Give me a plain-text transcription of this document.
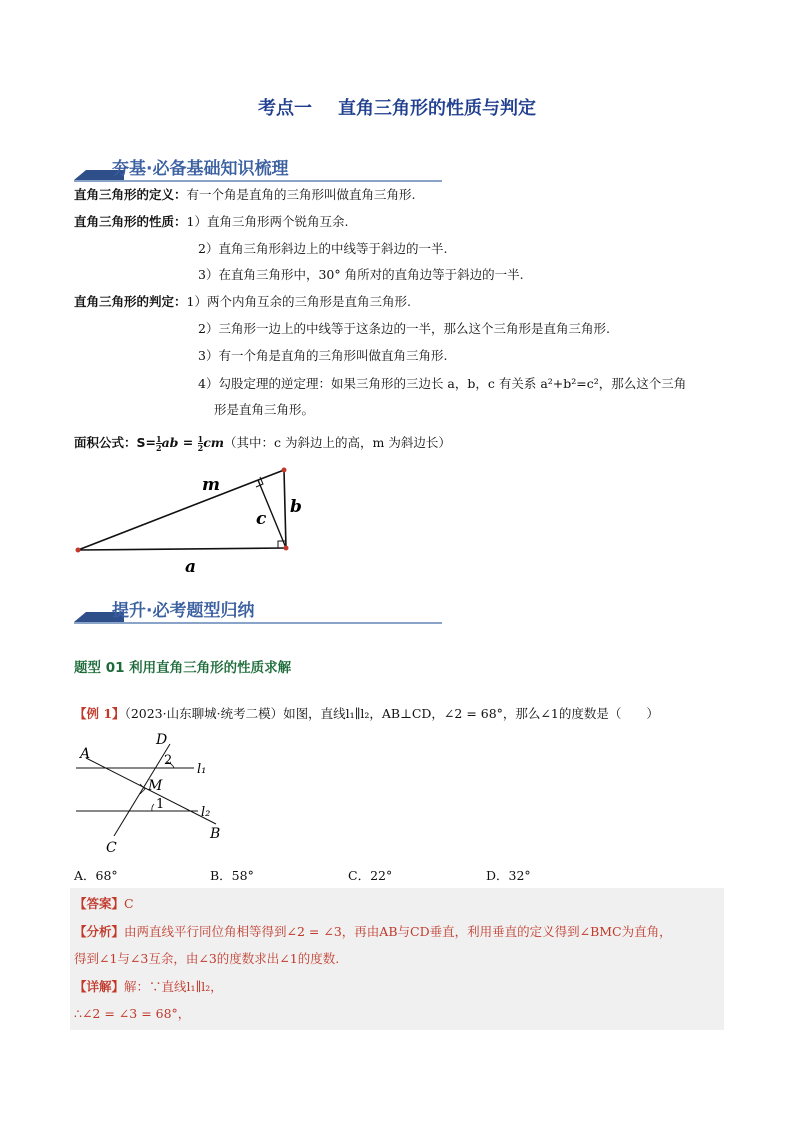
考点一 直角三角形的性质与判定
夯基·必备基础知识梳理
直角三角形的定义：有一个角是直角的三角形叫做直角三角形.
直角三角形的性质：1）直角三角形两个锐角互余.
2）直角三角形斜边上的中线等于斜边的一半.
3）在直角三角形中，30° 角所对的直角边等于斜边的一半.
直角三角形的判定：1）两个内角互余的三角形是直角三角形.
2）三角形一边上的中线等于这条边的一半，那么这个三角形是直角三角形.
3）有一个角是直角的三角形叫做直角三角形.
4）勾股定理的逆定理：如果三角形的三边长 a，b，c 有关系 a²+b²=c²，那么这个三角
形是直角三角形。
面积公式：$S= \frac{1}{2}$ ab = $\frac{1}{2} cm$（其中：c 为斜边上的高，m 为斜边长）
m
c
b
a
提升·必考题型归纳
题型 01 利用直角三角形的性质求解
【例 1】（2023·山东聊城·统考二模）如图，直线l₁∥l₂，AB⊥CD，∠2 = 68°，那么∠1的度数是（　　）
A
D
2
l₁
M
1
l₂
B
C
A．68°	B．58°	C．22°	D．32°
【答案】C
【分析】由两直线平行同位角相等得到∠2 = ∠3，再由AB与CD垂直，利用垂直的定义得到∠BMC为直角，
得到∠1与∠3互余，由∠3的度数求出∠1的度数.
【详解】解：∵直线l₁∥l₂，
∴∠2 = ∠3 = 68°，
